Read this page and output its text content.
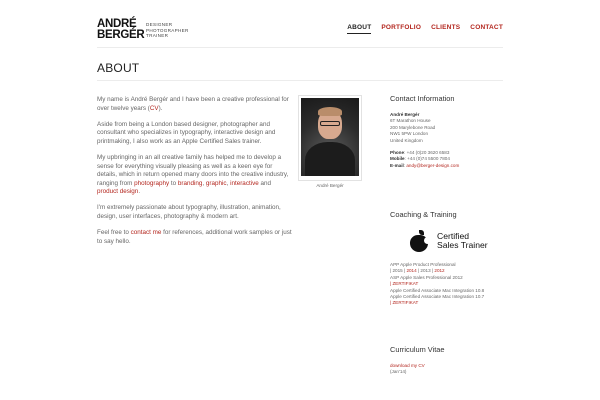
ANDRÉ
BERGÉR
DESIGNER
PHOTOGRAPHER
TRAINER
ABOUT PORTFOLIO CLIENTS CONTACT
ABOUT

My name is André Bergér and I have been a creative professional for over twelve years (CV).

Aside from being a London based designer, photographer and consultant who specializes in typography, interactive design and printmaking, I also work as an Apple Certified Sales trainer.

My upbringing in an all creative family has helped me to develop a sense for everything visually pleasing as well as a keen eye for details, which in return opened many doors into the creative industry, ranging from photography to branding, graphic, interactive and product design.

I'm extremely passionate about typography, illustration, animation, design, user interfaces, photography & modern art.

Feel free to contact me for references, additional work samples or just to say hello.

André Bergér
Contact Information
André Bergér
6T Marathon House
200 Marylebone Road
NW1 5PW London
United Kingdom
Phone: +44 (0)20 3620 6583
Mobile: +44 (0)74 5500 7804
E-mail: andy@berger-design.com
Coaching & Training
Certified
Sales Trainer
APP Apple Product Professional
| 2015 | 2014 | 2013 | 2012
ASP Apple Sales Professional 2012
| ZERTIFIKAT
Apple Certified Associate Mac Integration 10.8
Apple Certified Associate Mac Integration 10.7
| ZERTIFIKAT
Curriculum Vitae
download my CV
(Jan'14)
